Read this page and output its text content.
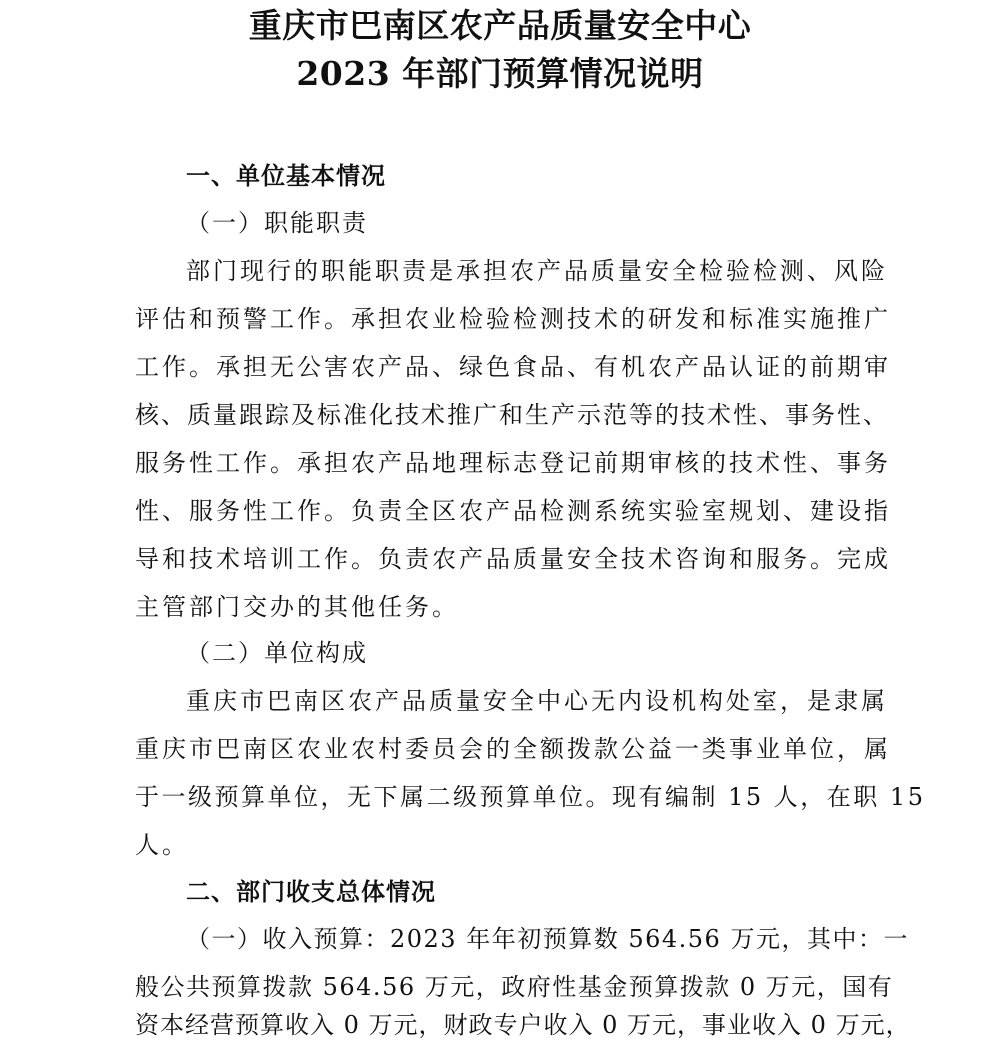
重庆市巴南区农产品质量安全中心
2023 年部门预算情况说明
一、单位基本情况
（一）职能职责
部门现行的职能职责是承担农产品质量安全检验检测、风险
评估和预警工作。承担农业检验检测技术的研发和标准实施推广
工作。承担无公害农产品、绿色食品、有机农产品认证的前期审
核、质量跟踪及标准化技术推广和生产示范等的技术性、事务性、
服务性工作。承担农产品地理标志登记前期审核的技术性、事务
性、服务性工作。负责全区农产品检测系统实验室规划、建设指
导和技术培训工作。负责农产品质量安全技术咨询和服务。完成
主管部门交办的其他任务。
（二）单位构成
重庆市巴南区农产品质量安全中心无内设机构处室，是隶属
重庆市巴南区农业农村委员会的全额拨款公益一类事业单位，属
于一级预算单位，无下属二级预算单位。现有编制 15 人，在职 15
人。
二、部门收支总体情况
（一）收入预算：2023 年年初预算数 564.56 万元，其中：一
般公共预算拨款 564.56 万元，政府性基金预算拨款 0 万元，国有
资本经营预算收入 0 万元，财政专户收入 0 万元，事业收入 0 万元，
